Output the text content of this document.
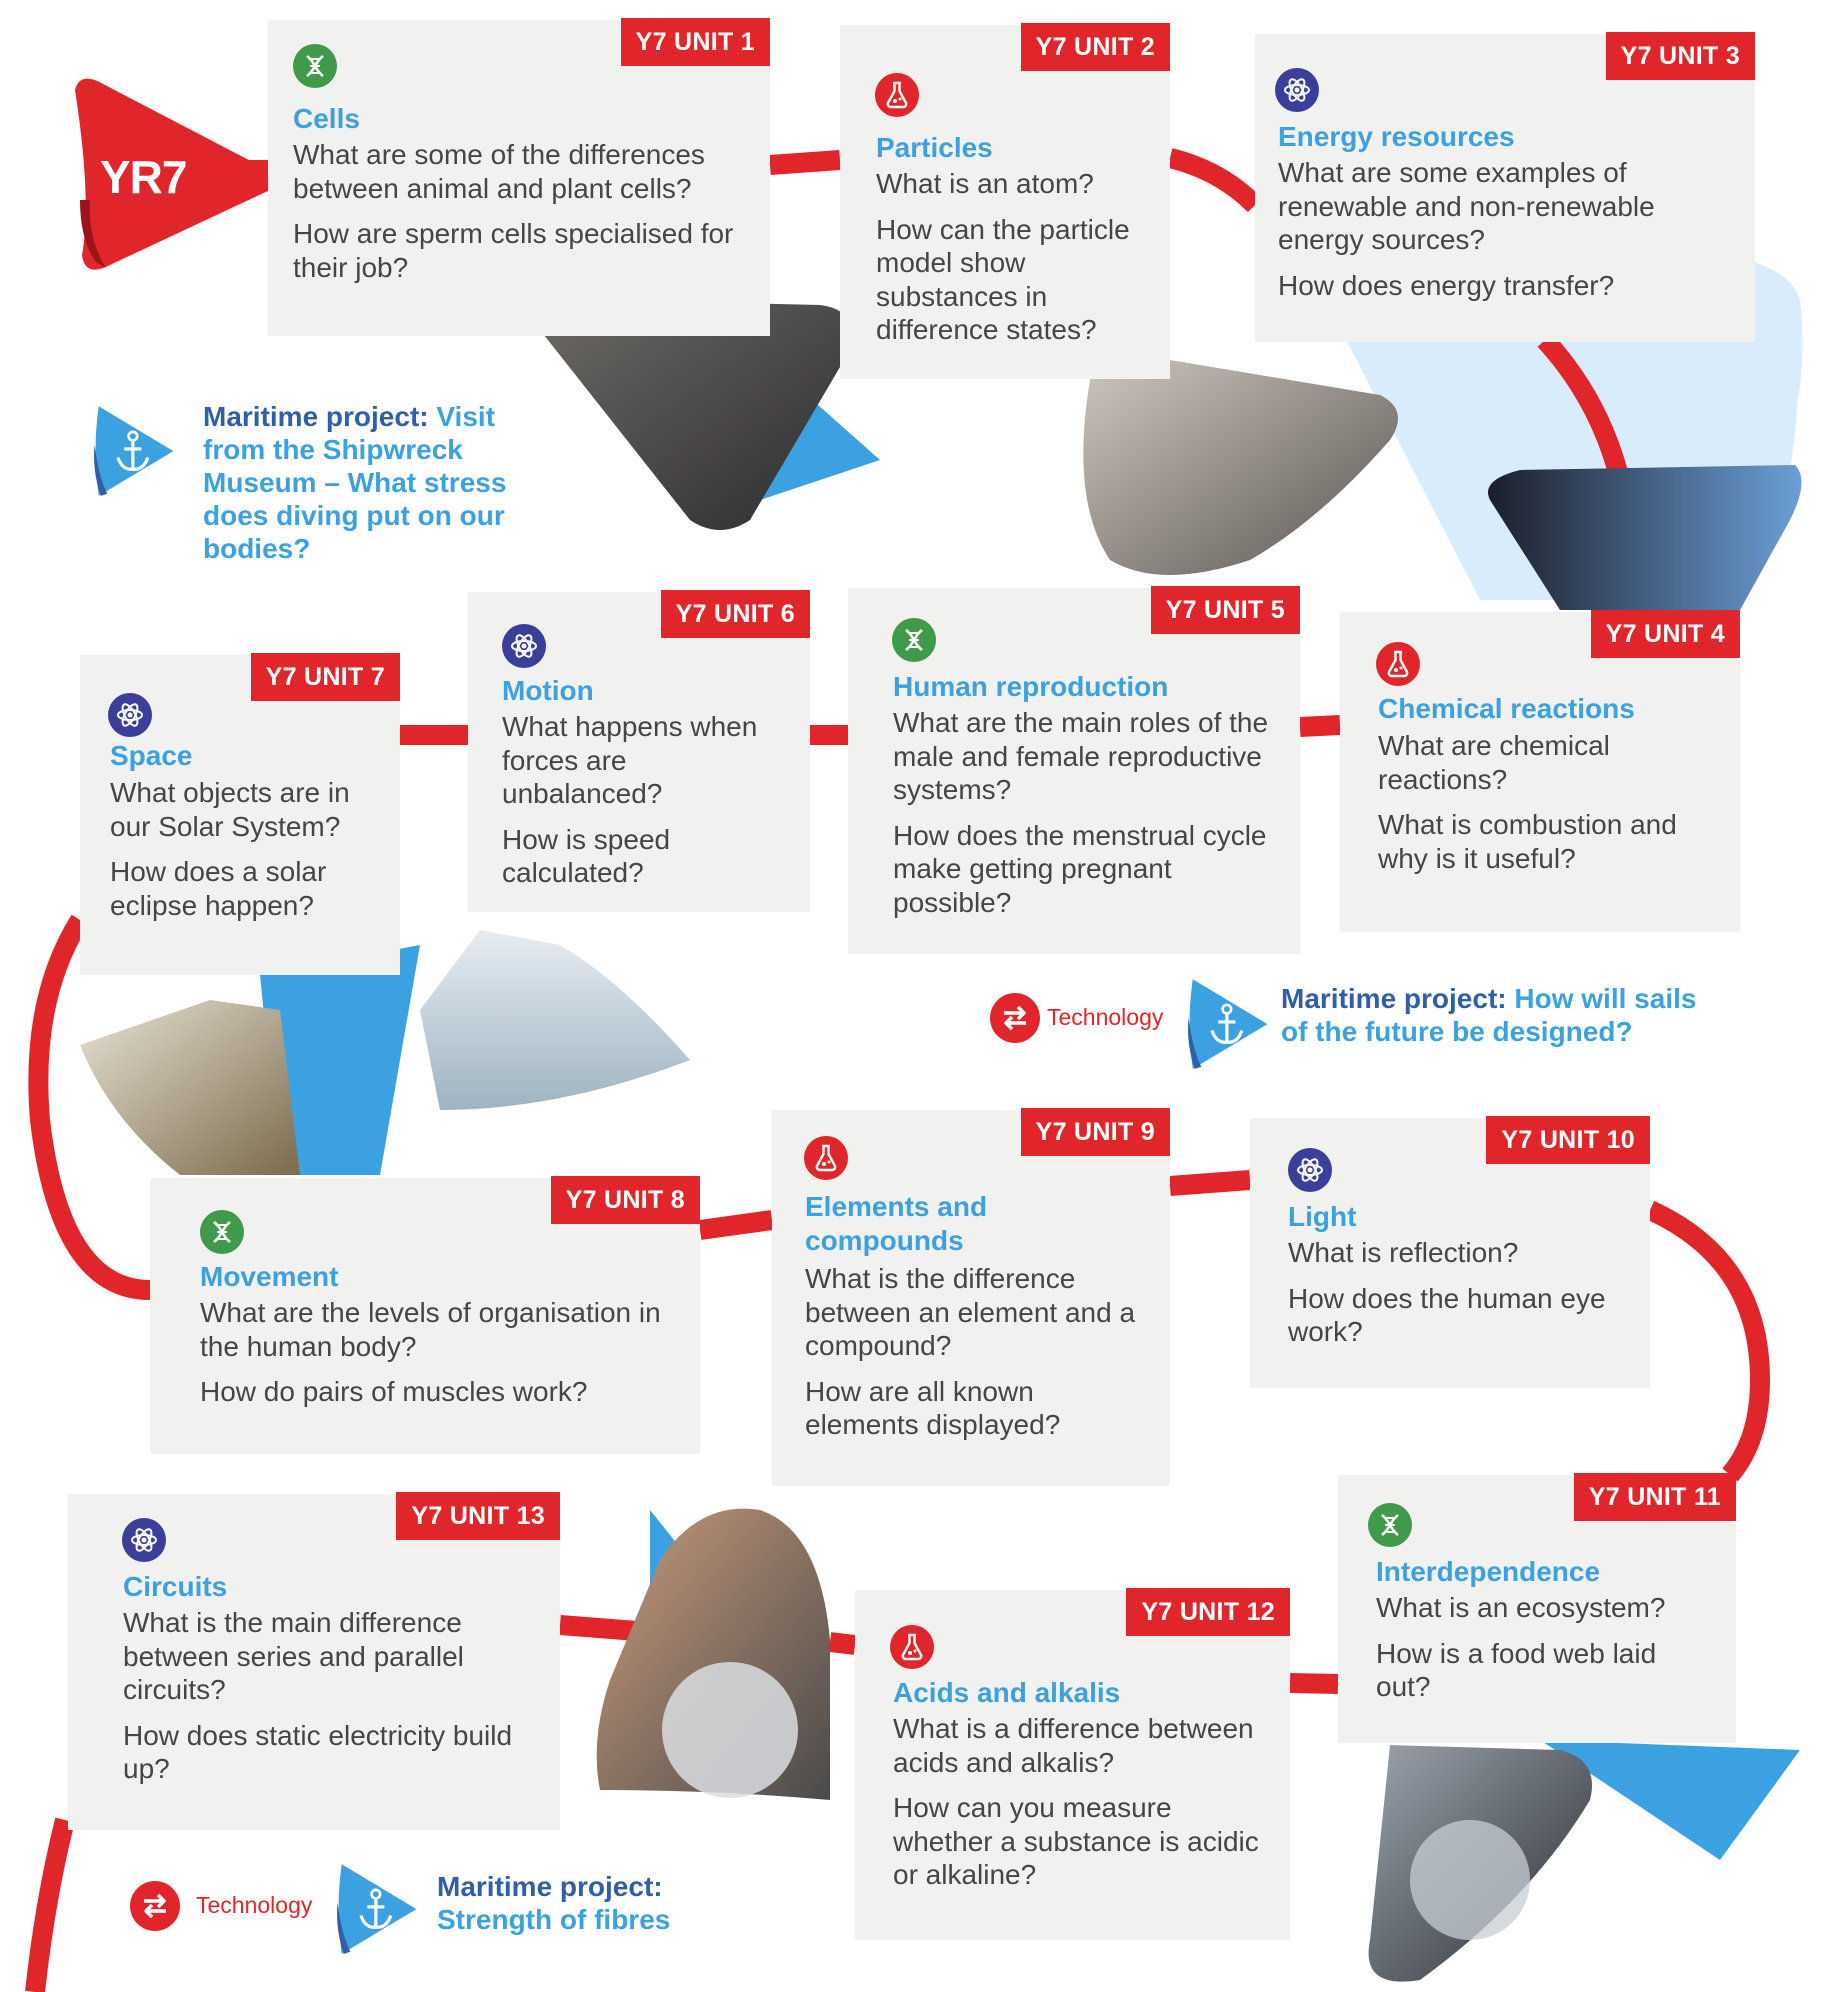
YR7
Y7 UNIT 1
Cells

What are some of the differences between animal and plant cells?

How are sperm cells specialised for their job?

Y7 UNIT 2
Particles

What is an atom?

How can the particle model show substances in difference states?

Y7 UNIT 3
Energy resources

What are some examples of renewable and non-renewable energy sources?

How does energy transfer?

Y7 UNIT 4
Chemical reactions

What are chemical reactions?

What is combustion and why is it useful?

Y7 UNIT 5
Human reproduction

What are the main roles of the male and female reproductive systems?

How does the menstrual cycle make getting pregnant possible?

Y7 UNIT 6
Motion

What happens when forces are unbalanced?

How is speed calculated?

Y7 UNIT 7
Space

What objects are in our Solar System?

How does a solar eclipse happen?

Y7 UNIT 8
Movement

What are the levels of organisation in the human body?

How do pairs of muscles work?

Y7 UNIT 9
Elements and compounds

What is the difference between an element and a compound?

How are all known elements displayed?

Y7 UNIT 10
Light

What is reflection?

How does the human eye work?

Y7 UNIT 11
Interdependence

What is an ecosystem?

How is a food web laid out?

Y7 UNIT 12
Acids and alkalis

What is a difference between acids and alkalis?

How can you measure whether a substance is acidic or alkaline?

Y7 UNIT 13
Circuits

What is the main difference between series and parallel circuits?

How does static electricity build up?

Maritime project: Visit from the Shipwreck Museum – What stress does diving put on our bodies?
Technology
Maritime project: How will sails of the future be designed?
Technology
Maritime project: Strength of fibres
